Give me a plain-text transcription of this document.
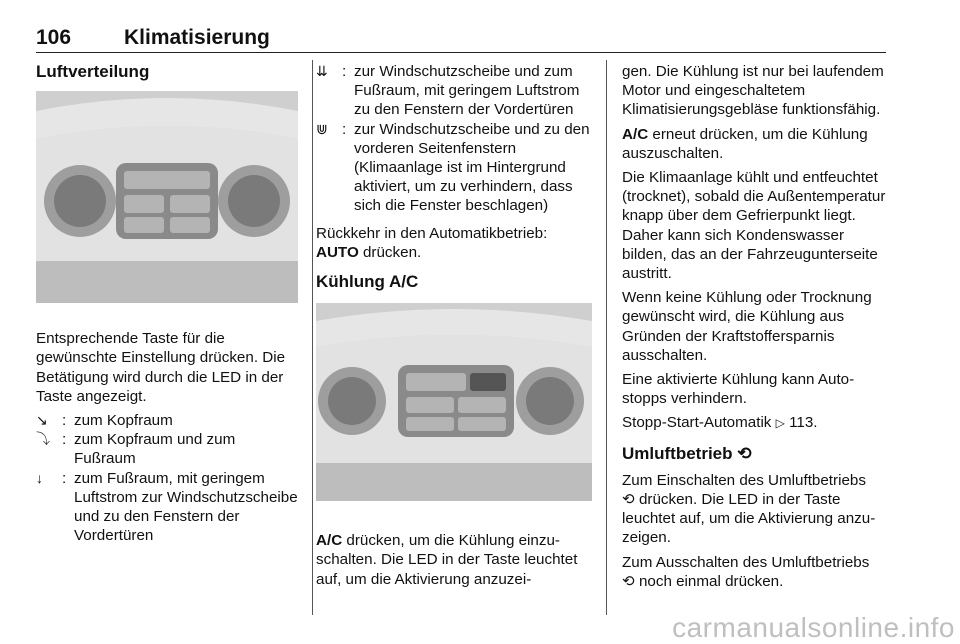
106	Klimatisierung
Luftverteilung

Entsprechende Taste für die gewünschte Einstellung drücken. Die Betätigung wird durch die LED in der Taste angezeigt.

↘ : zum Kopfraum
⤵ : zum Kopfraum und zum Fußraum
↓	: zum Fußraum, mit geringem Luftstrom zur Windschutzscheibe und zu den Fenstern der Vordertüren
⇊ : zur Windschutzscheibe und zum Fußraum, mit geringem Luftstrom zu den Fenstern der Vordertüren
⋓ : zur Windschutzscheibe und zu den vorderen Seitenfenstern (Klimaanlage ist im Hintergrund aktiviert, um zu verhindern, dass sich die Fenster beschlagen)

Rückkehr in den Automatikbetrieb:
AUTO drücken.

Kühlung A/C

A/C drücken, um die Kühlung einzuschalten. Die LED in der Taste leuchtet auf, um die Aktivierung anzuzei-

gen. Die Kühlung ist nur bei laufendem Motor und eingeschaltetem Klimatisierungsgebläse funktionsfähig.

A/C erneut drücken, um die Kühlung auszuschalten.

Die Klimaanlage kühlt und entfeuchtet (trocknet), sobald die Außentemperatur knapp über dem Gefrierpunkt liegt. Daher kann sich Kondenswasser bilden, das an der Fahrzeugunterseite austritt.

Wenn keine Kühlung oder Trocknung gewünscht wird, die Kühlung aus Gründen der Kraftstoffersparnis ausschalten.

Eine aktivierte Kühlung kann Autostopps verhindern.

Stopp-Start-Automatik ▷ 113.

Umluftbetrieb ⟲

Zum Einschalten des Umluftbetriebs
⟲ drücken. Die LED in der Taste leuchtet auf, um die Aktivierung anzuzeigen.

Zum Ausschalten des Umluftbetriebs
⟲ noch einmal drücken.

carmanualsonline.info
